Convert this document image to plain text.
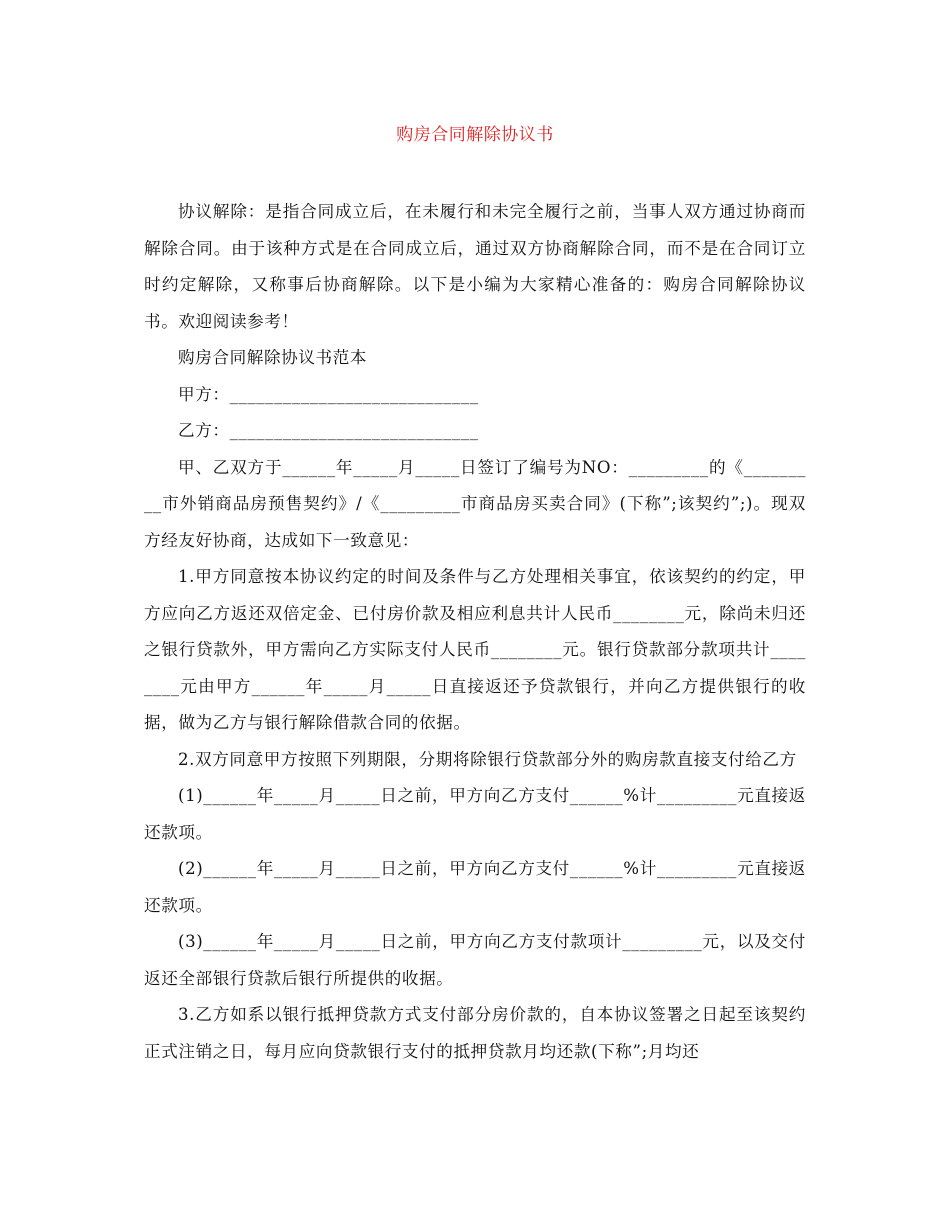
购房合同解除协议书

协议解除：是指合同成立后，在未履行和未完全履行之前，当事人双方通过协商而解除合同。由于该种方式是在合同成立后，通过双方协商解除合同，而不是在合同订立时约定解除，又称事后协商解除。以下是小编为大家精心准备的：购房合同解除协议书。欢迎阅读参考！

购房合同解除协议书范本

甲方：____________________________

乙方：____________________________

甲、乙双方于______年_____月_____日签订了编号为NO：_________的《_________市外销商品房预售契约》/《_________市商品房买卖合同》(下称”;该契约”;)。现双方经友好协商，达成如下一致意见：

1.甲方同意按本协议约定的时间及条件与乙方处理相关事宜，依该契约的约定，甲方应向乙方返还双倍定金、已付房价款及相应利息共计人民币________元，除尚未归还之银行贷款外，甲方需向乙方实际支付人民币________元。银行贷款部分款项共计________元由甲方______年_____月_____日直接返还予贷款银行，并向乙方提供银行的收据，做为乙方与银行解除借款合同的依据。

2.双方同意甲方按照下列期限，分期将除银行贷款部分外的购房款直接支付给乙方

(1)______年_____月_____日之前，甲方向乙方支付______%计_________元直接返还款项。

(2)______年_____月_____日之前，甲方向乙方支付______%计_________元直接返还款项。

(3)______年_____月_____日之前，甲方向乙方支付款项计_________元，以及交付返还全部银行贷款后银行所提供的收据。

3.乙方如系以银行抵押贷款方式支付部分房价款的，自本协议签署之日起至该契约正式注销之日，每月应向贷款银行支付的抵押贷款月均还款(下称”;月均还
